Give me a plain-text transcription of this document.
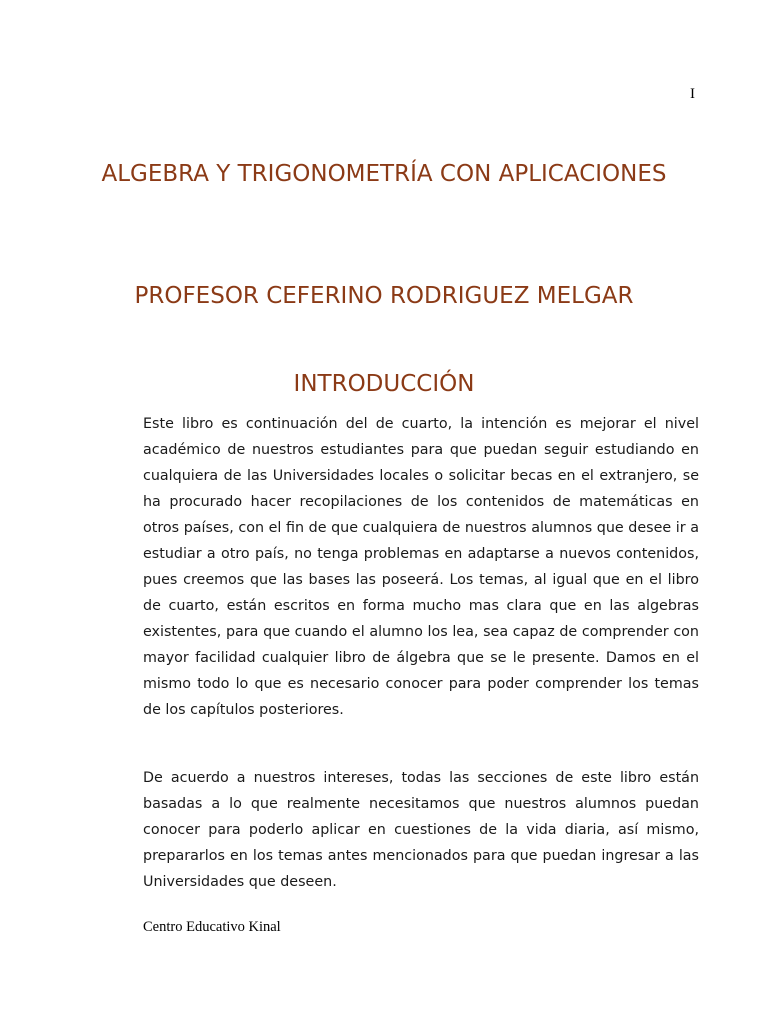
I
ALGEBRA Y TRIGONOMETRÍA CON APLICACIONES
PROFESOR CEFERINO RODRIGUEZ MELGAR
INTRODUCCIÓN

Este libro es continuación del de cuarto, la intención es mejorar el nivel académico de nuestros estudiantes para que puedan seguir estudiando en cualquiera de las Universidades locales o solicitar becas en el extranjero, se ha procurado hacer recopilaciones de los contenidos de matemáticas en otros países, con el fin de que cualquiera de nuestros alumnos que desee ir a estudiar a otro país, no tenga problemas en adaptarse a nuevos contenidos, pues creemos que las bases las poseerá. Los temas, al igual que en el libro de cuarto, están escritos en forma mucho mas clara que en las algebras existentes, para que cuando el alumno los lea, sea capaz de comprender con mayor facilidad cualquier libro de álgebra que se le presente. Damos en el mismo todo lo que es necesario conocer para poder comprender los temas de los capítulos posteriores.

De acuerdo a nuestros intereses, todas las secciones de este libro están basadas a lo que realmente necesitamos que nuestros alumnos puedan conocer para poderlo aplicar en cuestiones de la vida diaria, así mismo, prepararlos en los temas antes mencionados para que puedan ingresar a las Universidades que deseen.

Centro Educativo Kinal
